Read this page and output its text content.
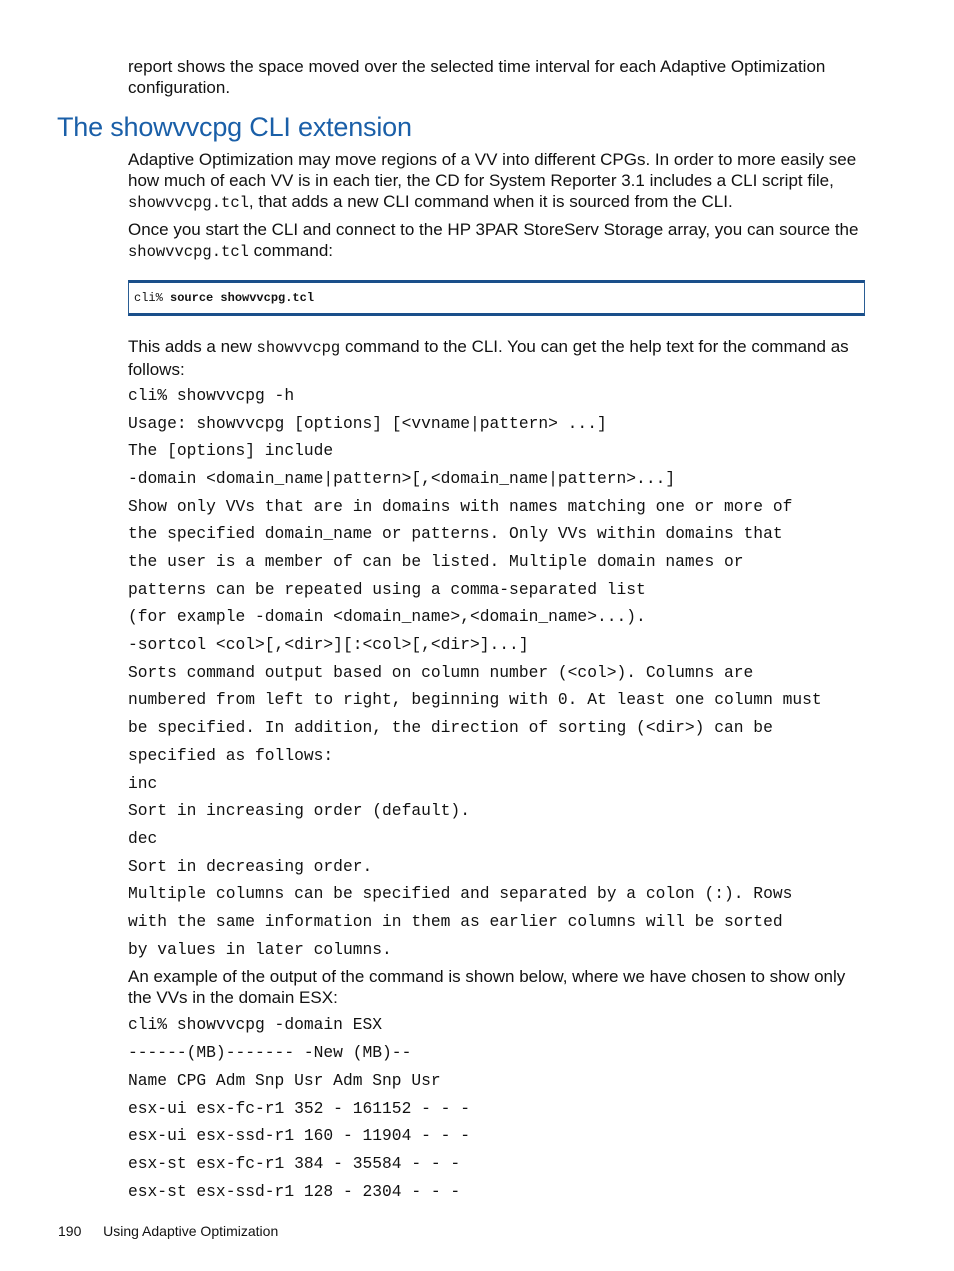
report shows the space moved over the selected time interval for each Adaptive Optimization
configuration.
The showvvcpg CLI extension

Adaptive Optimization may move regions of a VV into different CPGs. In order to more easily see how much of each VV is in each tier, the CD for System Reporter 3.1 includes a CLI script file, showvvcpg.tcl, that adds a new CLI command when it is sourced from the CLI.

Once you start the CLI and connect to the HP 3PAR StoreServ Storage array, you can source the showvvcpg.tcl command:

cli% source showvvcpg.tcl

This adds a new showvvcpg command to the CLI. You can get the help text for the command as follows:

cli% showvvcpg -h
Usage: showvvcpg [options] [<vvname|pattern> ...]
The [options] include
-domain <domain_name|pattern>[,<domain_name|pattern>...]
Show only VVs that are in domains with names matching one or more of
the specified domain_name or patterns. Only VVs within domains that
the user is a member of can be listed. Multiple domain names or
patterns can be repeated using a comma-separated list
(for example -domain <domain_name>,<domain_name>...).
-sortcol <col>[,<dir>][:<col>[,<dir>]...]
Sorts command output based on column number (<col>). Columns are
numbered from left to right, beginning with 0. At least one column must
be specified. In addition, the direction of sorting (<dir>) can be
specified as follows:
inc
Sort in increasing order (default).
dec
Sort in decreasing order.
Multiple columns can be specified and separated by a colon (:). Rows
with the same information in them as earlier columns will be sorted
by values in later columns.

An example of the output of the command is shown below, where we have chosen to show only the VVs in the domain ESX:

cli% showvvcpg -domain ESX
------(MB)------- -New (MB)--
Name CPG Adm Snp Usr Adm Snp Usr
esx-ui esx-fc-r1 352 - 161152 - - -
esx-ui esx-ssd-r1 160 - 11904 - - -
esx-st esx-fc-r1 384 - 35584 - - -
esx-st esx-ssd-r1 128 - 2304 - - -
190 Using Adaptive Optimization
